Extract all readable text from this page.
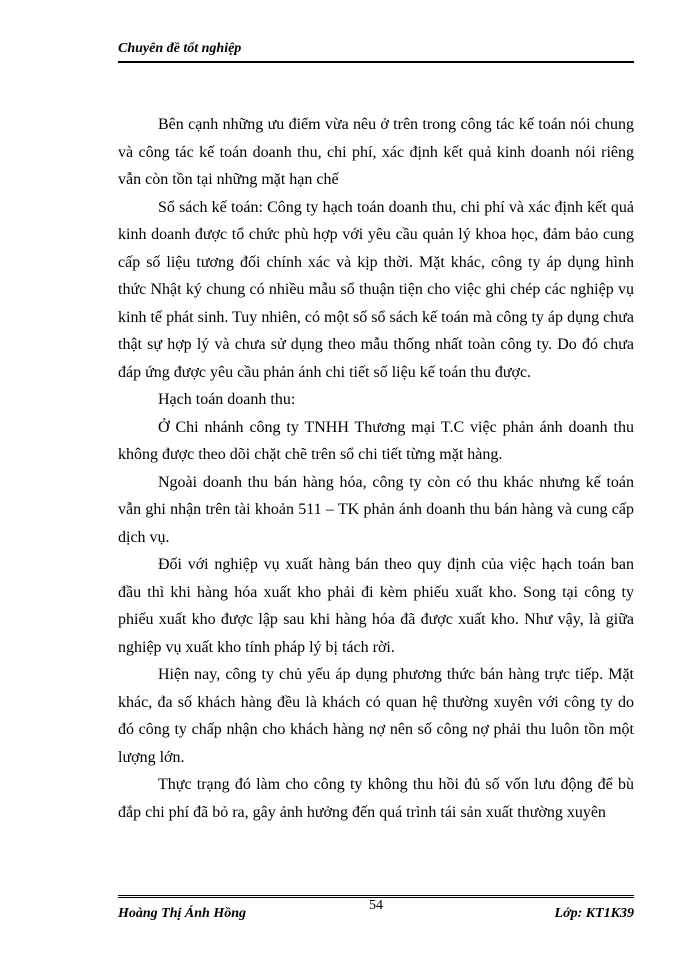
Chuyên đề tốt nghiệp

Bên cạnh những ưu điểm vừa nêu ở trên trong công tác kế toán nói chung và công tác kế toán doanh thu, chi phí, xác định kết quả kinh doanh nói riêng vẫn còn tồn tại những mặt hạn chế

Sổ sách kế toán: Công ty hạch toán doanh thu, chi phí và xác định kết quả kinh doanh được tổ chức phù hợp với yêu cầu quản lý khoa học, đảm bảo cung cấp số liệu tương đối chính xác và kịp thời. Mặt khác, công ty áp dụng hình thức Nhật ký chung có nhiều mẫu sổ thuận tiện cho việc ghi chép các nghiệp vụ kinh tế phát sinh. Tuy nhiên, có một số sổ sách kế toán mà công ty áp dụng chưa thật sự hợp lý và chưa sử dụng theo mẫu thống nhất toàn công ty. Do đó chưa đáp ứng được yêu cầu phản ánh chi tiết số liệu kế toán thu được.

Hạch toán doanh thu:

Ở Chi nhánh công ty TNHH Thương mại T.C việc phản ánh doanh thu không được theo dõi chặt chẽ trên sổ chi tiết từng mặt hàng.

Ngoài doanh thu bán hàng hóa, công ty còn có thu khác nhưng kế toán vẫn ghi nhận trên tài khoản 511 – TK phản ánh doanh thu bán hàng và cung cấp dịch vụ.

Đối với nghiệp vụ xuất hàng bán theo quy định của việc hạch toán ban đầu thì khi hàng hóa xuất kho phải đi kèm phiếu xuất kho. Song tại công ty phiếu xuất kho được lập sau khi hàng hóa đã được xuất kho. Như vậy, là giữa nghiệp vụ xuất kho tính pháp lý bị tách rời.

Hiện nay, công ty chủ yếu áp dụng phương thức bán hàng trực tiếp. Mặt khác, đa số khách hàng đều là khách có quan hệ thường xuyên với công ty do đó công ty chấp nhận cho khách hàng nợ nên số công nợ phải thu luôn tồn một lượng lớn.

Thực trạng đó làm cho công ty không thu hồi đủ số vốn lưu động để bù đắp chi phí đã bỏ ra, gây ảnh hưởng đến quá trình tái sản xuất thường xuyên

Hoàng Thị Ánh Hồng
54
Lớp: KT1K39
